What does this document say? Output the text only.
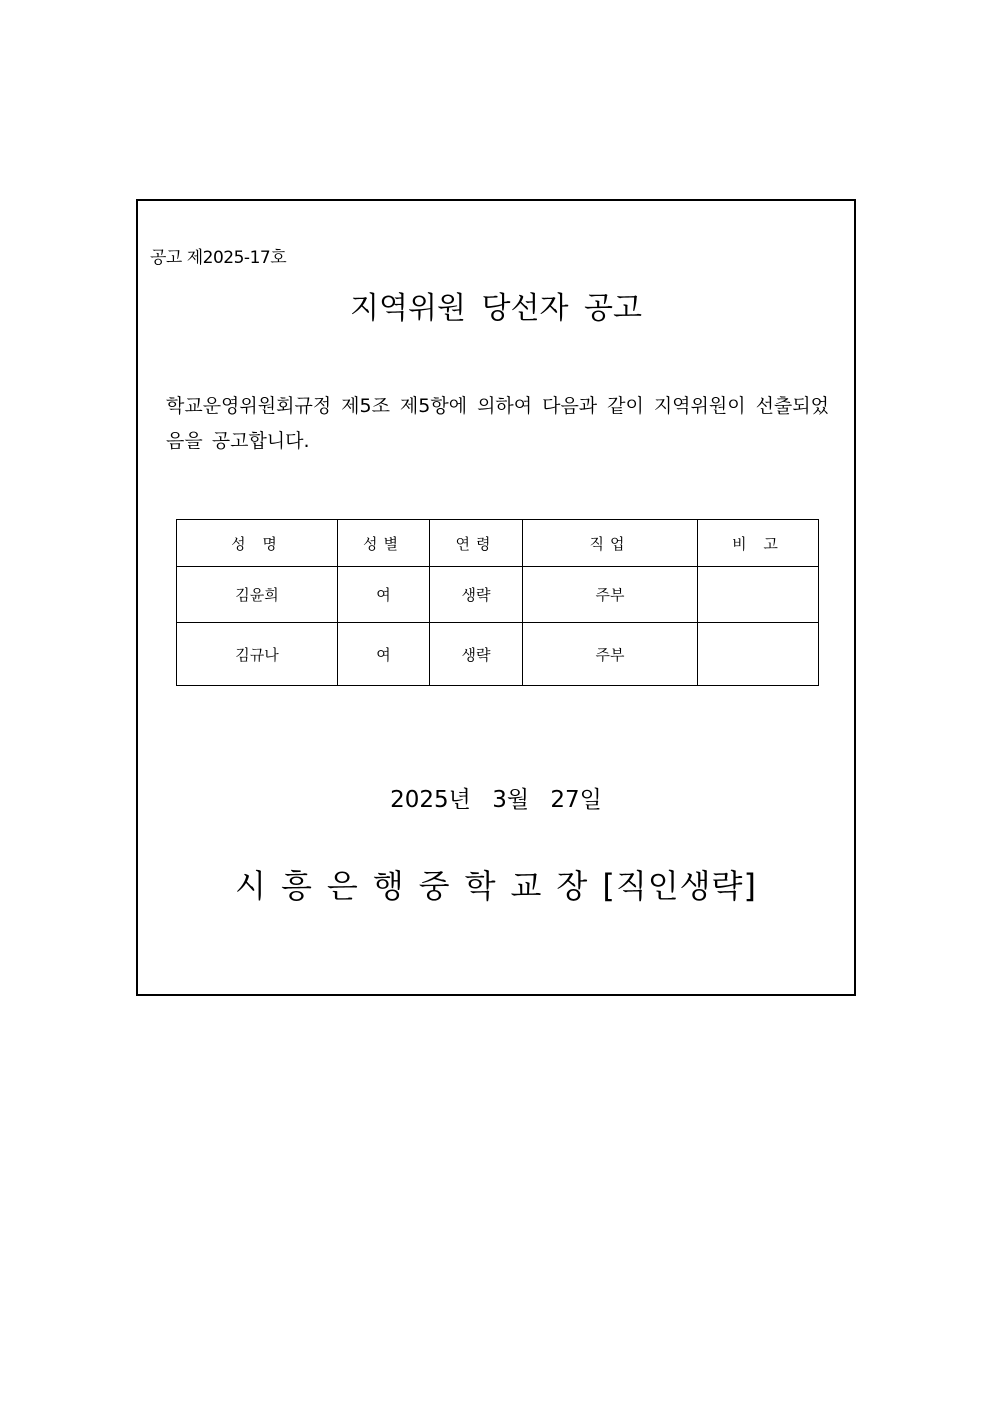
공고 제2025-17호
지역위원 당선자 공고
학교운영위원회규정 제5조 제5항에 의하여 다음과 같이 지역위원이 선출되었음을 공고합니다.
성 명	성별	연령	직업	비 고
김윤희	여	생략	주부	
김규나	여	생략	주부	
2025년 3월 27일
시흥은행중학교장[직인생략]
